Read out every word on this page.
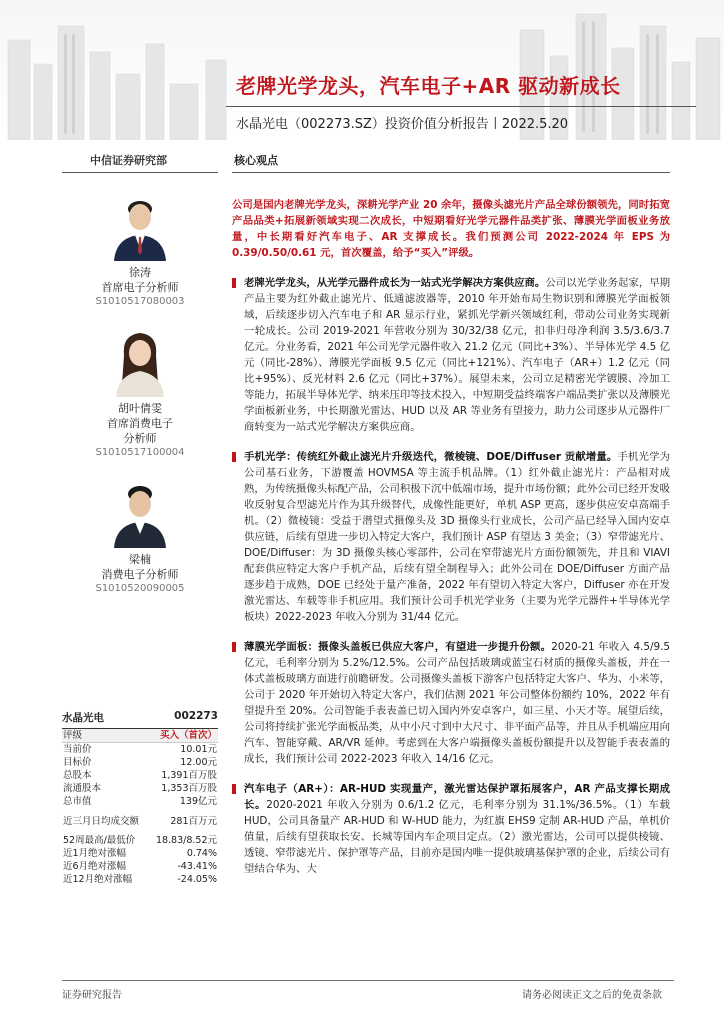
老牌光学龙头，汽车电子+AR 驱动新成长
水晶光电（002273.SZ）投资价值分析报告丨2022.5.20
中信证券研究部
徐涛
首席电子分析师
S1010517080003
胡叶倩雯
首席消费电子
分析师
S1010517100004
梁楠
消费电子分析师
S1010520090005
水晶光电	002273
评级	买入（首次）
当前价	10.01元
目标价	12.00元
总股本	1,391百万股
流通股本	1,353百万股
总市值	139亿元
近三月日均成交额	281百万元
52周最高/最低价 18.83/8.52元
近1月绝对涨幅	0.74%
近6月绝对涨幅	-43.41%
近12月绝对涨幅	-24.05%
核心观点
公司是国内老牌光学龙头，深耕光学产业 20 余年，摄像头滤光片产品全球份额领先，同时拓宽产品品类+拓展新领域实现二次成长，中短期看好光学元器件品类扩张、薄膜光学面板业务放量，中长期看好汽车电子、AR 支撑成长。我们预测公司 2022-2024 年 EPS 为 0.39/0.50/0.61 元，首次覆盖，给予“买入”评级。
老牌光学龙头，从光学元器件成长为一站式光学解决方案供应商。公司以光学业务起家，早期产品主要为红外截止滤光片、低通滤波器等，2010 年开始布局生物识别和薄膜光学面板领域，后续逐步切入汽车电子和 AR 显示行业，紧抓光学新兴领域红利，带动公司业务实现新一轮成长。公司 2019-2021 年营收分别为 30/32/38 亿元，扣非归母净利润 3.5/3.6/3.7 亿元。分业务看，2021 年公司光学元器件收入 21.2 亿元（同比+3%）、半导体光学 4.5 亿元（同比-28%）、薄膜光学面板 9.5 亿元（同比+121%）、汽车电子（AR+）1.2 亿元（同比+95%）、反光材料 2.6 亿元（同比+37%）。展望未来，公司立足精密光学镀膜、冷加工等能力，拓展半导体光学、纳米压印等技术投入，中短期受益终端客户端品类扩张以及薄膜光学面板新业务，中长期激光雷达、HUD 以及 AR 等业务有望接力，助力公司逐步从元器件厂商转变为一站式光学解决方案供应商。
手机光学：传统红外截止滤光片升级迭代，微棱镜、DOE/Diffuser 贡献增量。手机光学为公司基石业务，下游覆盖 HOVMSA 等主流手机品牌。（1）红外截止滤光片：产品相对成熟，为传统摄像头标配产品，公司积极下沉中低端市场，提升市场份额；此外公司已经开发吸收反射复合型滤光片作为其升级替代，成像性能更好，单机 ASP 更高，逐步供应安卓高端手机。（2）微棱镜：受益于潜望式摄像头及 3D 摄像头行业成长，公司产品已经导入国内安卓供应链，后续有望进一步切入特定大客户，我们预计 ASP 有望达 3 美金；（3）窄带滤光片、DOE/Diffuser：为 3D 摄像头核心零部件，公司在窄带滤光片方面份额领先，并且和 VIAVI 配套供应特定大客户手机产品，后续有望全制程导入；此外公司在 DOE/Diffuser 方面产品逐步趋于成熟，DOE 已经处于量产准备，2022 年有望切入特定大客户，Diffuser 亦在开发激光雷达、车载等非手机应用。我们预计公司手机光学业务（主要为光学元器件+半导体光学板块）2022-2023 年收入分别为 31/44 亿元。
薄膜光学面板：摄像头盖板已供应大客户，有望进一步提升份额。2020-21 年收入 4.5/9.5 亿元，毛利率分别为 5.2%/12.5%。公司产品包括玻璃或蓝宝石材质的摄像头盖板，并在一体式盖板玻璃方面进行前瞻研发。公司摄像头盖板下游客户包括特定大客户、华为、小米等，公司于 2020 年开始切入特定大客户，我们估测 2021 年公司整体份额约 10%，2022 年有望提升至 20%。公司智能手表表盖已切入国内外安卓客户，如三星、小天才等。展望后续，公司将持续扩张光学面板品类，从中小尺寸到中大尺寸、非平面产品等，并且从手机端应用向汽车、智能穿戴、AR/VR 延伸。考虑到在大客户端摄像头盖板份额提升以及智能手表表盖的成长，我们预计公司 2022-2023 年收入 14/16 亿元。
汽车电子（AR+）：AR-HUD 实现量产，激光雷达保护罩拓展客户，AR 产品支撑长期成长。2020-2021 年收入分别为 0.6/1.2 亿元，毛利率分别为 31.1%/36.5%。（1）车载 HUD，公司具备量产 AR-HUD 和 W-HUD 能力，为红旗 EHS9 定制 AR-HUD 产品，单机价值量，后续有望获取长安、长城等国内车企项目定点。（2）激光雷达，公司可以提供棱镜、透镜、窄带滤光片、保护罩等产品，目前亦是国内唯一提供玻璃基保护罩的企业，后续公司有望结合华为、大
证券研究报告	请务必阅读正文之后的免责条款
